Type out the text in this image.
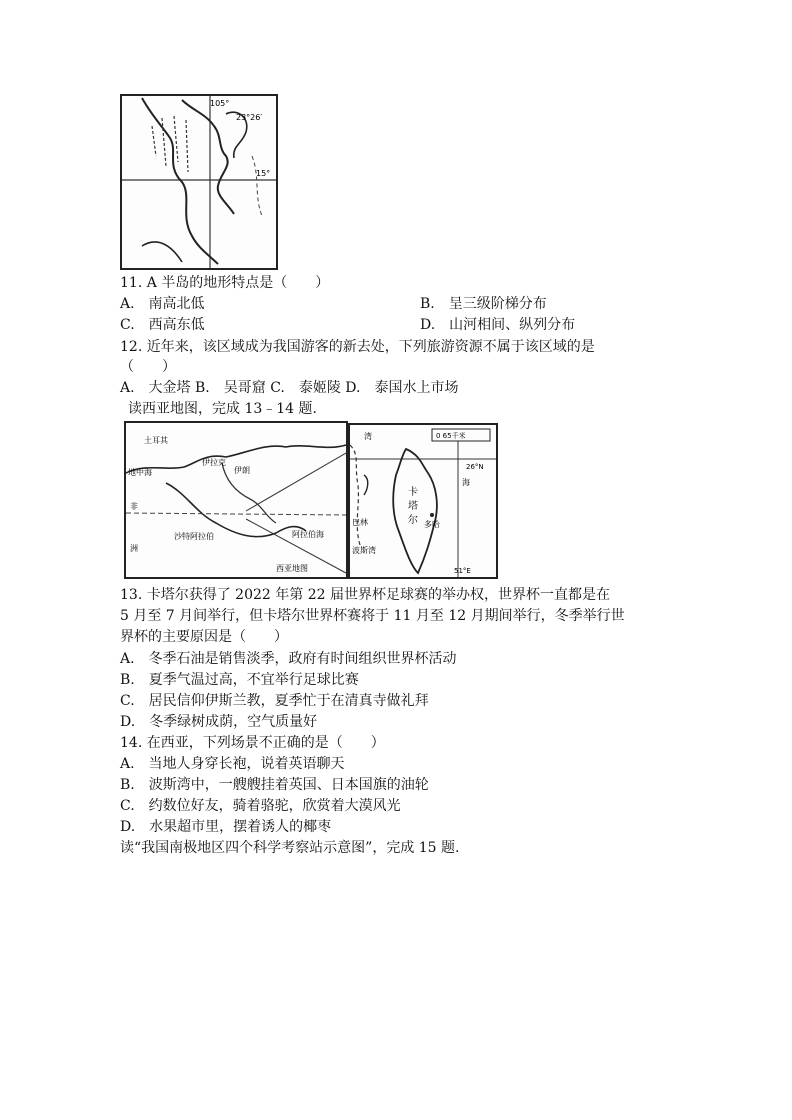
105°
23°26′
15°
11. A 半岛的地形特点是（　　）
A.　南高北低	B.　呈三级阶梯分布
C.　西高东低	D.　山河相间、纵列分布
12. 近年来，该区域成为我国游客的新去处，下列旅游资源不属于该区域的是
（　　）
A.　大金塔 B.　吴哥窟 C.　泰姬陵 D.　泰国水上市场
读西亚地图，完成 13﹣14 题.
土耳其
地中海
伊拉克
伊朗
非
洲
沙特阿拉伯	阿拉伯海
西亚地图
0 65千米
26°N
湾
海
卡
塔
尔 多哈
巴林
波斯湾
51°E
13. 卡塔尔获得了 2022 年第 22 届世界杯足球赛的举办权，世界杯一直都是在
5 月至 7 月间举行，但卡塔尔世界杯赛将于 11 月至 12 月期间举行，冬季举行世
界杯的主要原因是（　　）
A.　冬季石油是销售淡季，政府有时间组织世界杯活动
B.　夏季气温过高，不宜举行足球比赛
C.　居民信仰伊斯兰教，夏季忙于在清真寺做礼拜
D.　冬季绿树成荫，空气质量好
14. 在西亚，下列场景不正确的是（　　）
A.　当地人身穿长袍，说着英语聊天
B.　波斯湾中，一艘艘挂着英国、日本国旗的油轮
C.　约数位好友，骑着骆驼，欣赏着大漠风光
D.　水果超市里，摆着诱人的椰枣
读“我国南极地区四个科学考察站示意图”，完成 15 题.
